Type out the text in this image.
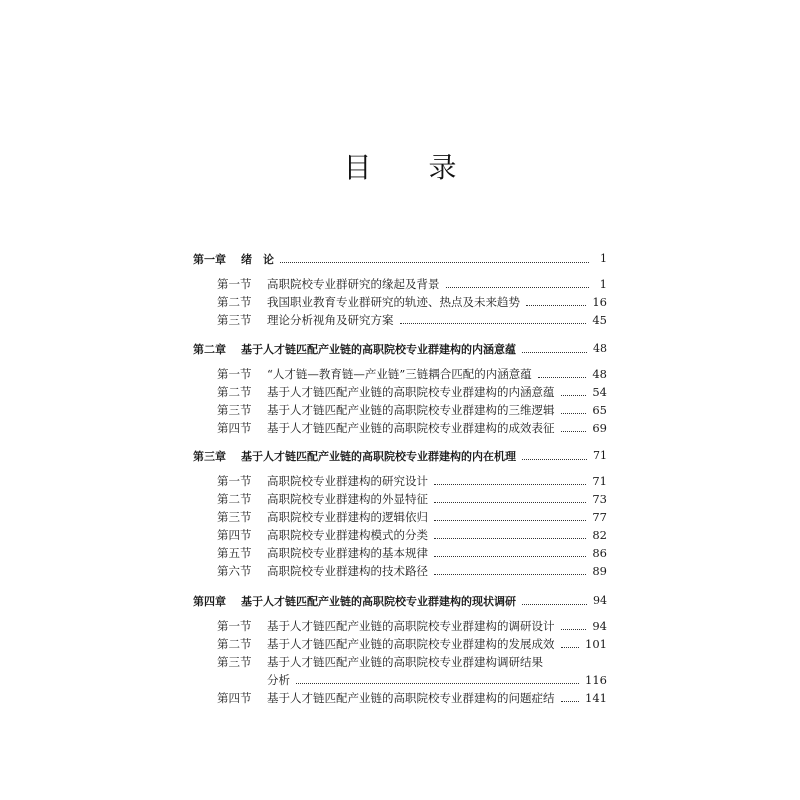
目 录
第一章	绪　论	1
第一节	高职院校专业群研究的缘起及背景	1
第二节	我国职业教育专业群研究的轨迹、热点及未来趋势	16
第三节	理论分析视角及研究方案	45
第二章	基于人才链匹配产业链的高职院校专业群建构的内涵意蕴	48
第一节	“人才链—教育链—产业链”三链耦合匹配的内涵意蕴	48
第二节	基于人才链匹配产业链的高职院校专业群建构的内涵意蕴	54
第三节	基于人才链匹配产业链的高职院校专业群建构的三维逻辑	65
第四节	基于人才链匹配产业链的高职院校专业群建构的成效表征	69
第三章	基于人才链匹配产业链的高职院校专业群建构的内在机理	71
第一节	高职院校专业群建构的研究设计	71
第二节	高职院校专业群建构的外显特征	73
第三节	高职院校专业群建构的逻辑依归	77
第四节	高职院校专业群建构模式的分类	82
第五节	高职院校专业群建构的基本规律	86
第六节	高职院校专业群建构的技术路径	89
第四章	基于人才链匹配产业链的高职院校专业群建构的现状调研	94
第一节	基于人才链匹配产业链的高职院校专业群建构的调研设计	94
第二节	基于人才链匹配产业链的高职院校专业群建构的发展成效	101
第三节	基于人才链匹配产业链的高职院校专业群建构调研结果
分析	116
第四节	基于人才链匹配产业链的高职院校专业群建构的问题症结	141
